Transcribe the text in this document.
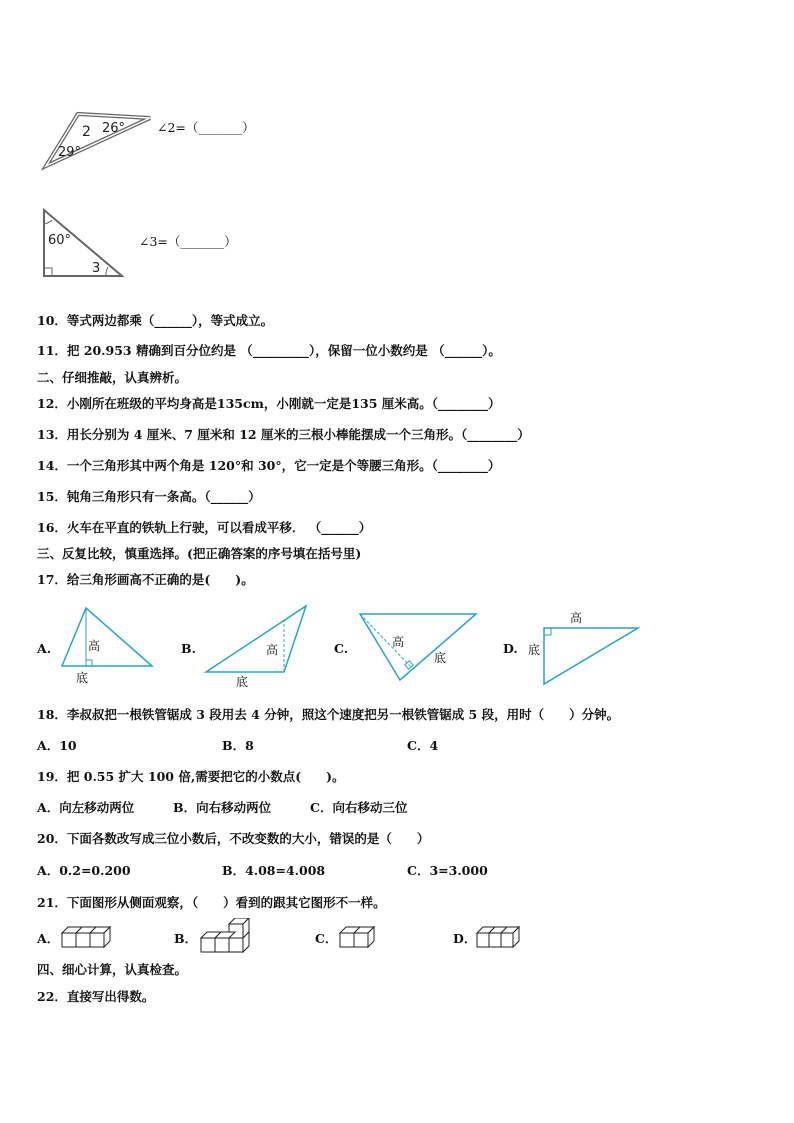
2 26°
29°
∠2=（_______）
60°
3
∠3=（_______）
10．等式两边都乘（______），等式成立。
11．把 20.953 精确到百分位约是 （_________），保留一位小数约是 （______）。
二、仔细推敲，认真辨析。
12．小刚所在班级的平均身高是135cm，小刚就一定是135 厘米高。（________）
13．用长分别为 4 厘米、7 厘米和 12 厘米的三根小棒能摆成一个三角形。（________）
14．一个三角形其中两个角是 120°和 30°，它一定是个等腰三角形。（________）
15．钝角三角形只有一条高。（______）
16．火车在平直的铁轨上行驶，可以看成平移． （______）
三、反复比较，慎重选择。(把正确答案的序号填在括号里)
17．给三角形画高不正确的是(　　)。
A.	高
底
B.	高
底
C.	高
底
D.
高
底
18．李叔叔把一根铁管锯成 3 段用去 4 分钟，照这个速度把另一根铁管锯成 5 段，用时（　　）分钟。
A．10	B．8	C．4
19．把 0.55 扩大 100 倍,需要把它的小数点(　　)。
A．向左移动两位	B．向右移动两位	C．向右移动三位
20．下面各数改写成三位小数后，不改变数的大小，错误的是（　　）
A．0.2=0.200	B．4.08=4.008	C．3=3.000
21．下面图形从侧面观察，（　　）看到的跟其它图形不一样。
A．	B．	C．	D．
四、细心计算，认真检查。
22．直接写出得数。
